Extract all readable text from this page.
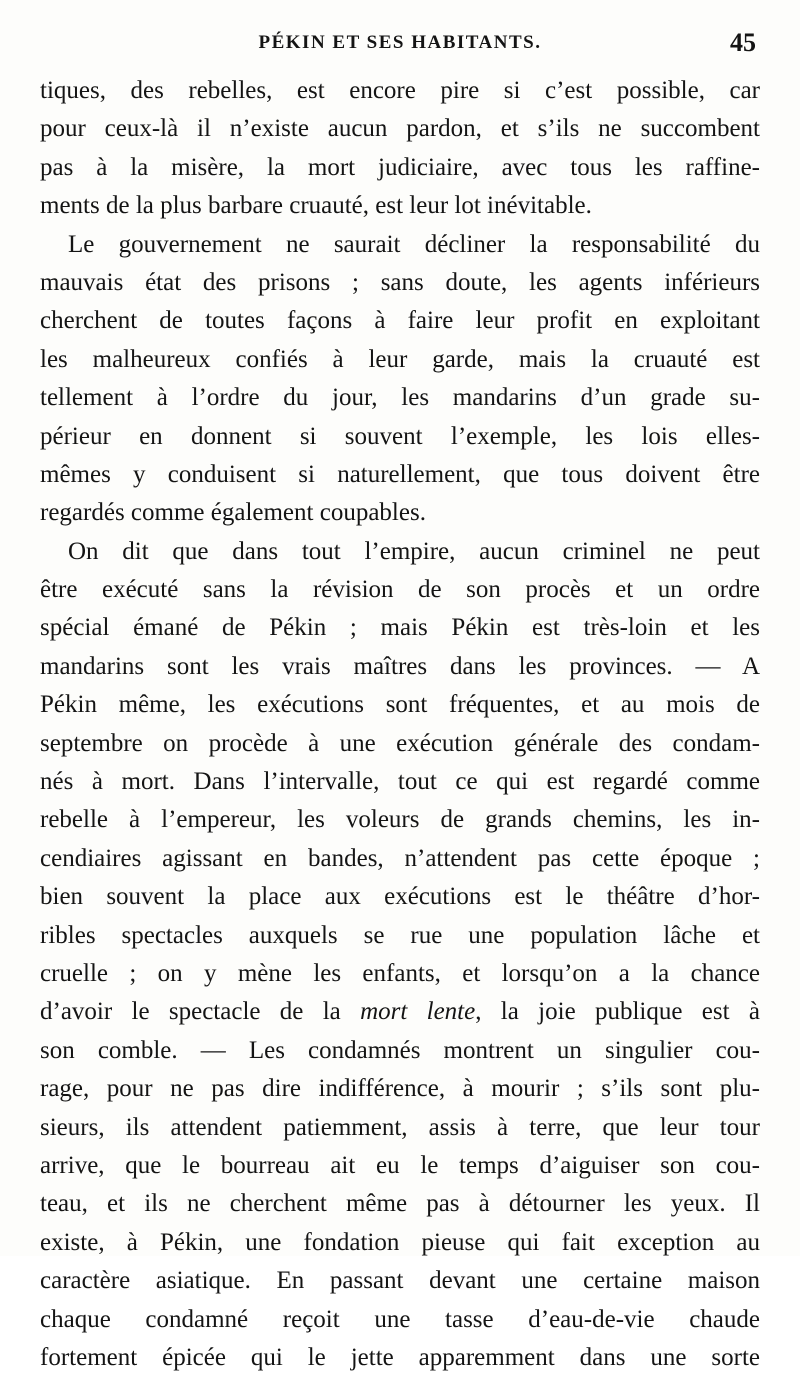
PÉKIN ET SES HABITANTS.	45
tiques, des rebelles, est encore pire si c’est possible, car
pour ceux-là il n’existe aucun pardon, et s’ils ne succombent
pas à la misère, la mort judiciaire, avec tous les raffine-
ments de la plus barbare cruauté, est leur lot inévitable.
Le gouvernement ne saurait décliner la responsabilité du
mauvais état des prisons ; sans doute, les agents inférieurs
cherchent de toutes façons à faire leur profit en exploitant
les malheureux confiés à leur garde, mais la cruauté est
tellement à l’ordre du jour, les mandarins d’un grade su-
périeur en donnent si souvent l’exemple, les lois elles-
mêmes y conduisent si naturellement, que tous doivent être
regardés comme également coupables.
On dit que dans tout l’empire, aucun criminel ne peut
être exécuté sans la révision de son procès et un ordre
spécial émané de Pékin ; mais Pékin est très-loin et les
mandarins sont les vrais maîtres dans les provinces. — A
Pékin même, les exécutions sont fréquentes, et au mois de
septembre on procède à une exécution générale des condam-
nés à mort. Dans l’intervalle, tout ce qui est regardé comme
rebelle à l’empereur, les voleurs de grands chemins, les in-
cendiaires agissant en bandes, n’attendent pas cette époque ;
bien souvent la place aux exécutions est le théâtre d’hor-
ribles spectacles auxquels se rue une population lâche et
cruelle ; on y mène les enfants, et lorsqu’on a la chance
d’avoir le spectacle de la mort lente, la joie publique est à
son comble. — Les condamnés montrent un singulier cou-
rage, pour ne pas dire indifférence, à mourir ; s’ils sont plu-
sieurs, ils attendent patiemment, assis à terre, que leur tour
arrive, que le bourreau ait eu le temps d’aiguiser son cou-
teau, et ils ne cherchent même pas à détourner les yeux. Il
existe, à Pékin, une fondation pieuse qui fait exception au
caractère asiatique. En passant devant une certaine maison
chaque condamné reçoit une tasse d’eau-de-vie chaude
fortement épicée qui le jette apparemment dans une sorte
